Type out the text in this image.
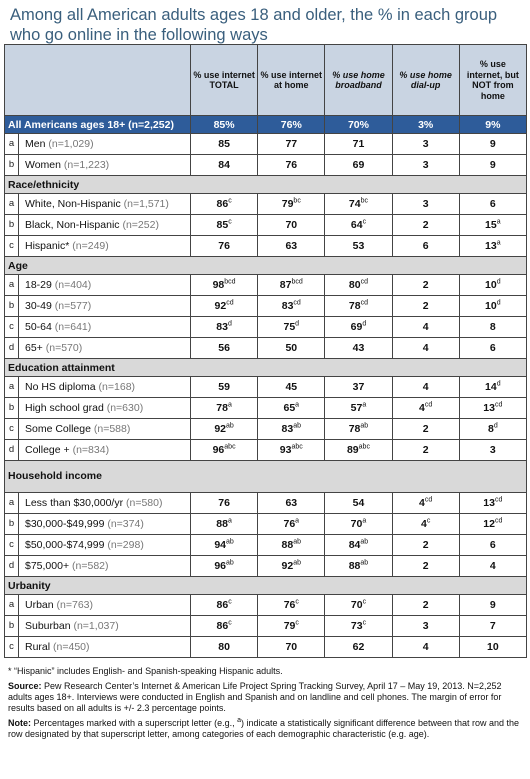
Among all American adults ages 18 and older, the % in each group who go online in the following ways
		% use internet TOTAL	% use internet at home	% use home broadband	% use home dial-up	% use internet, but NOT from home
All Americans ages 18+ (n=2,252)		85%	76%	70%	3%	9%
a	Men (n=1,029)	85	77	71	3	9
b	Women (n=1,223)	84	76	69	3	9
Race/ethnicity						
a	White, Non-Hispanic (n=1,571)	86$^c$	$79^{bc}$	$74^{bc}$	3	6
b	Black, Non-Hispanic (n=252)	85$^c$	70	64$^c$	2	15$^a$
c	Hispanic* (n=249)	76	63	53	6	13$^a$
Age						
a	18-29 (n=404)	$98^{bcd}$	$87^{bcd}$	$80^{cd}$	2	10$^d$
b	30-49 (n=577)	$92^{cd}$	$83^{cd}$	$78^{cd}$	2	10$^d$
c	50-64 (n=641)	83$^d$	75$^d$	69$^d$	4	8
d	65+ (n=570)	56	50	43	4	6
Education attainment						
a	No HS diploma (n=168)	59	45	37	4	14$^d$
b	High school grad (n=630)	78$^a$	65$^a$	57$^a$	$4^{cd}$	$13^{cd}$
c	Some College (n=588)	$92^{ab}$	$83^{ab}$	$78^{ab}$	2	8$^d$
d	College + (n=834)	$96^{abc}$	$93^{abc}$	$89^{abc}$	2	3
Household income						
a	Less than $30,000/yr (n=580)	76	63	54	$4^{cd}$	$13^{cd}$
b	$30,000-$49,999 (n=374)	88$^a$	76$^a$	70$^a$	4$^c$	$12^{cd}$
c	$50,000-$74,999 (n=298)	$94^{ab}$	$88^{ab}$	$84^{ab}$	2	6
d	$75,000+ (n=582)	$96^{ab}$	$92^{ab}$	$88^{ab}$	2	4
Urbanity						
a	Urban (n=763)	86$^c$	76$^c$	70$^c$	2	9
b	Suburban (n=1,037)	86$^c$	79$^c$	73$^c$	3	7
c	Rural (n=450)	80	70	62	4	10

* “Hispanic” includes English- and Spanish-speaking Hispanic adults.

Source: Pew Research Center’s Internet & American Life Project Spring Tracking Survey, April 17 – May 19, 2013. N=2,252 adults ages 18+. Interviews were conducted in English and Spanish and on landline and cell phones. The margin of error for results based on all adults is +/- 2.3 percentage points.

Note: Percentages marked with a superscript letter (e.g., $^a$) indicate a statistically significant difference between that row and the row designated by that superscript letter, among categories of each demographic characteristic (e.g. age).
